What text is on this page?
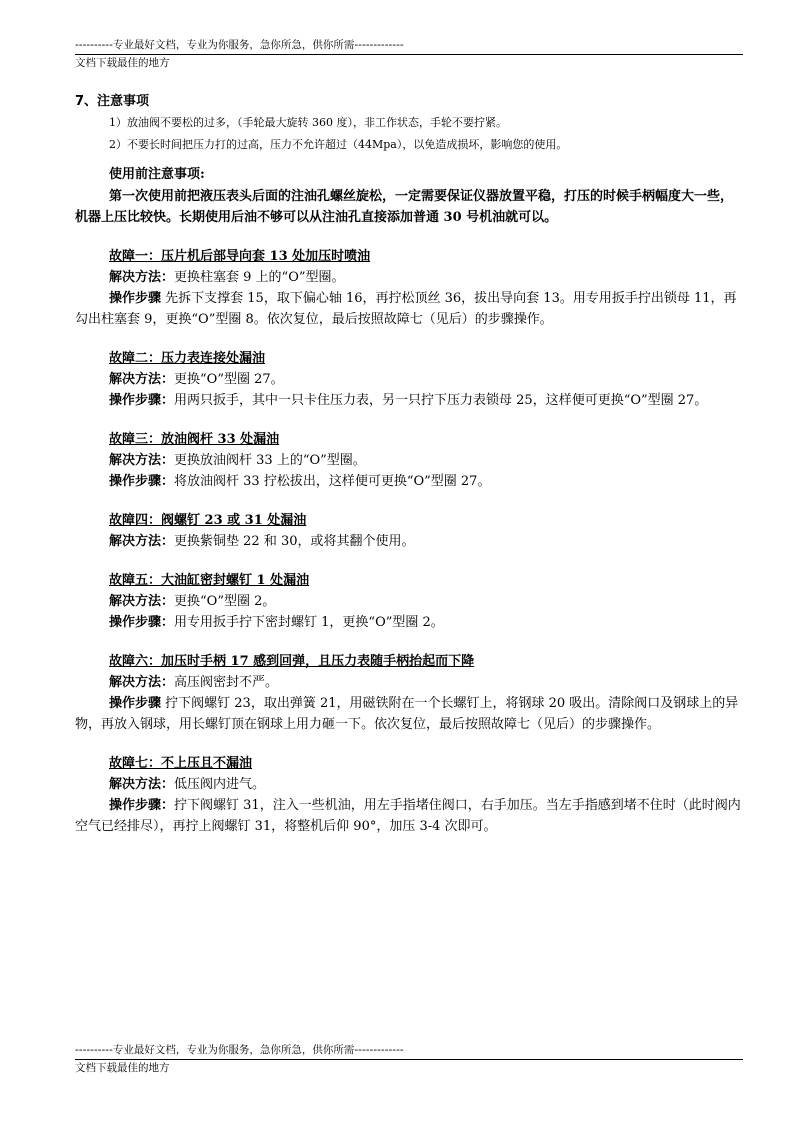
----------专业最好文档，专业为你服务，急你所急，供你所需-------------
文档下载最佳的地方
7、注意事项
1）放油阀不要松的过多，（手轮最大旋转 360 度），非工作状态，手轮不要拧紧。
2）不要长时间把压力打的过高，压力不允许超过（44Mpa），以免造成损坏，影响您的使用。
使用前注意事项:
第一次使用前把液压表头后面的注油孔螺丝旋松，一定需要保证仪器放置平稳，打压的时候手柄幅度大一些，机器上压比较快。长期使用后油不够可以从注油孔直接添加普通 30 号机油就可以。
故障一：压片机后部导向套 13 处加压时喷油
解决方法：更换柱塞套 9 上的“O”型圈。
操作步骤 先拆下支撑套 15，取下偏心轴 16，再拧松顶丝 36，拔出导向套 13。用专用扳手拧出锁母 11，再勾出柱塞套 9，更换“O”型圈 8。依次复位，最后按照故障七（见后）的步骤操作。
故障二：压力表连接处漏油
解决方法：更换“O”型圈 27。
操作步骤：用两只扳手，其中一只卡住压力表，另一只拧下压力表锁母 25，这样便可更换“O”型圈 27。
故障三：放油阀杆 33 处漏油
解决方法：更换放油阀杆 33 上的“O”型圈。
操作步骤：将放油阀杆 33 拧松拔出，这样便可更换“O”型圈 27。
故障四：阀螺钉 23 或 31 处漏油
解决方法：更换紫铜垫 22 和 30，或将其翻个使用。
故障五：大油缸密封螺钉 1 处漏油
解决方法：更换“O”型圈 2。
操作步骤：用专用扳手拧下密封螺钉 1，更换“O”型圈 2。
故障六：加压时手柄 17 感到回弹，且压力表随手柄抬起而下降
解决方法：高压阀密封不严。
操作步骤 拧下阀螺钉 23，取出弹簧 21，用磁铁附在一个长螺钉上，将钢球 20 吸出。清除阀口及钢球上的异物，再放入钢球，用长螺钉顶在钢球上用力砸一下。依次复位，最后按照故障七（见后）的步骤操作。
故障七：不上压且不漏油
解决方法：低压阀内进气。
操作步骤：拧下阀螺钉 31，注入一些机油，用左手指堵住阀口，右手加压。当左手指感到堵不住时（此时阀内空气已经排尽），再拧上阀螺钉 31，将整机后仰 90°，加压 3-4 次即可。
----------专业最好文档，专业为你服务，急你所急，供你所需-------------
文档下载最佳的地方
